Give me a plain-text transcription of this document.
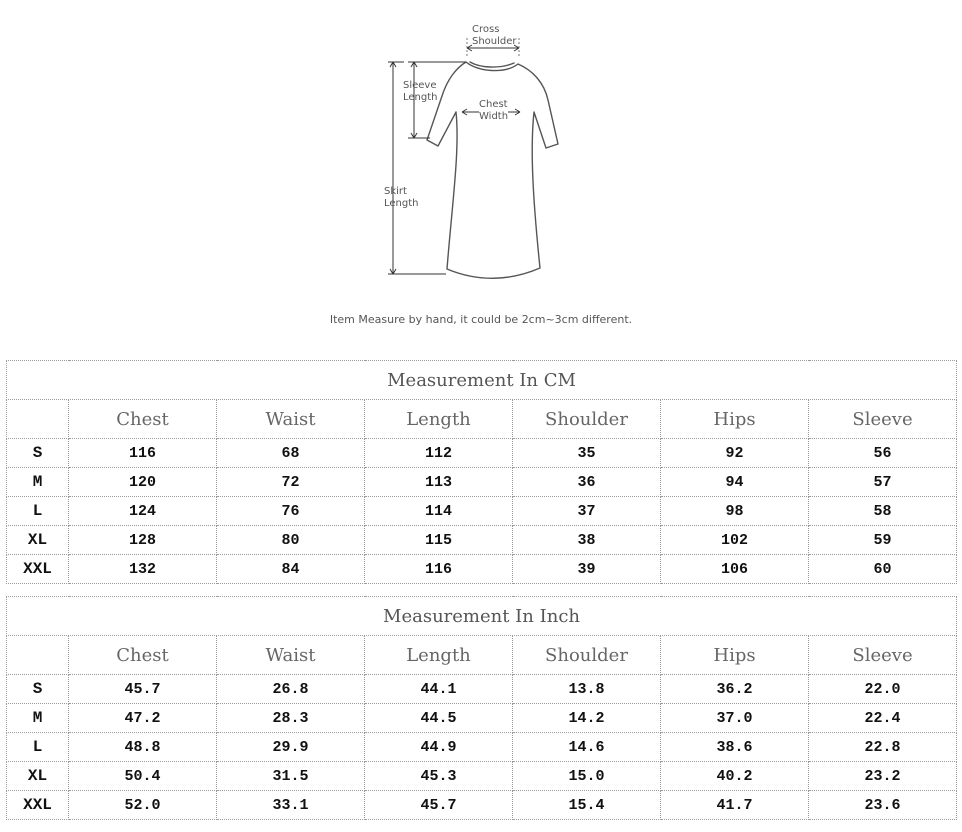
Cross
Shoulder
Sleeve
Length
Chest
Width
Skirt
Length
Item Measure by hand, it could be 2cm~3cm different.
Measurement In CM						
	Chest	Waist	Length	Shoulder	Hips	Sleeve
S	116	68	112	35	92	56
M	120	72	113	36	94	57
L	124	76	114	37	98	58
XL	128	80	115	38	102	59
XXL	132	84	116	39	106	60
Measurement In Inch						
	Chest	Waist	Length	Shoulder	Hips	Sleeve
S	45.7	26.8	44.1	13.8	36.2	22.0
M	47.2	28.3	44.5	14.2	37.0	22.4
L	48.8	29.9	44.9	14.6	38.6	22.8
XL	50.4	31.5	45.3	15.0	40.2	23.2
XXL	52.0	33.1	45.7	15.4	41.7	23.6
